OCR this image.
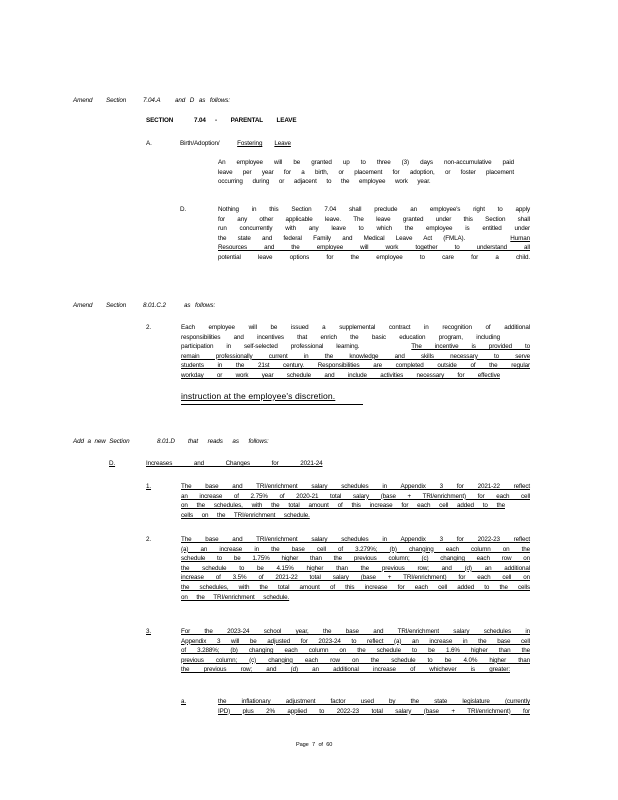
Amend Section	7.04.A and D as follows:
SECTION	7.04 - PARENTAL LEAVE
A.	Birth/Adoption/	Fostering Leave
An employee will be granted up to three (3) days non-accumulative paid
leave per year for a birth, or placement for adoption, or foster placement
occurring during or adjacent to the employee work year.
D.	Nothing in this Section 7.04 shall preclude an employee's right to apply
for any other applicable leave. The leave granted under this Section shall
run concurrently with any leave to which the employee is entitled under
the state and federal Family and Medical Leave Act (FMLA).	Human
Resources and the employee will work together to understand all
potential leave options for the employee to care for a child.
Amend Section	8.01.C.2	as follows:
2.	Each employee will be issued a supplemental contract in recognition of additional
responsibilities and incentives that enrich the basic education program, including
participation in self-selected professional learning.	The incentive is provided to
remain professionally current in the knowledge and skills necessary to serve
students in the 21st century. Responsibilities are completed outside of the regular
workday or work year schedule and include activities necessary for effective
instruction at the employee's discretion.
Add a new Section	8.01.D that reads as follows:
D.	Increases and Changes for 2021-24
1.	The base and TRI/enrichment salary schedules in Appendix 3 for 2021-22 reflect
an increase of 2.75% of 2020-21 total salary (base + TRI/enrichment) for each cell
on the schedules, with the total amount of this increase for each cell added to the
cells on the TRI/enrichment schedule.
2.	The base and TRI/enrichment salary schedules in Appendix 3 for 2022-23 reflect
(a) an increase in the base cell of 3.279%; (b) changing each column on the
schedule to be 1.75% higher than the previous column; (c) changing each row on
the schedule to be 4.15% higher than the previous row; and (d) an additional
increase of 3.5% of 2021-22 total salary (base + TRI/enrichment) for each cell on
the schedules, with the total amount of this increase for each cell added to the cells
on the TRI/enrichment schedule.
3.	For the 2023-24 school year, the base and TRI/enrichment salary schedules in
Appendix 3 will be adjusted for 2023-24 to reflect (a) an increase in the base cell
of 3.288%; (b) changing each column on the schedule to be 1.6% higher than the
previous column; (c) changing each row on the schedule to be 4.0% higher than
the previous row; and (d) an additional increase of whichever is greater:
a.	the inflationary adjustment factor used by the state legislature (currently
IPD) plus 2% applied to 2022-23 total salary (base + TRI/enrichment) for
Page 7 of 60
